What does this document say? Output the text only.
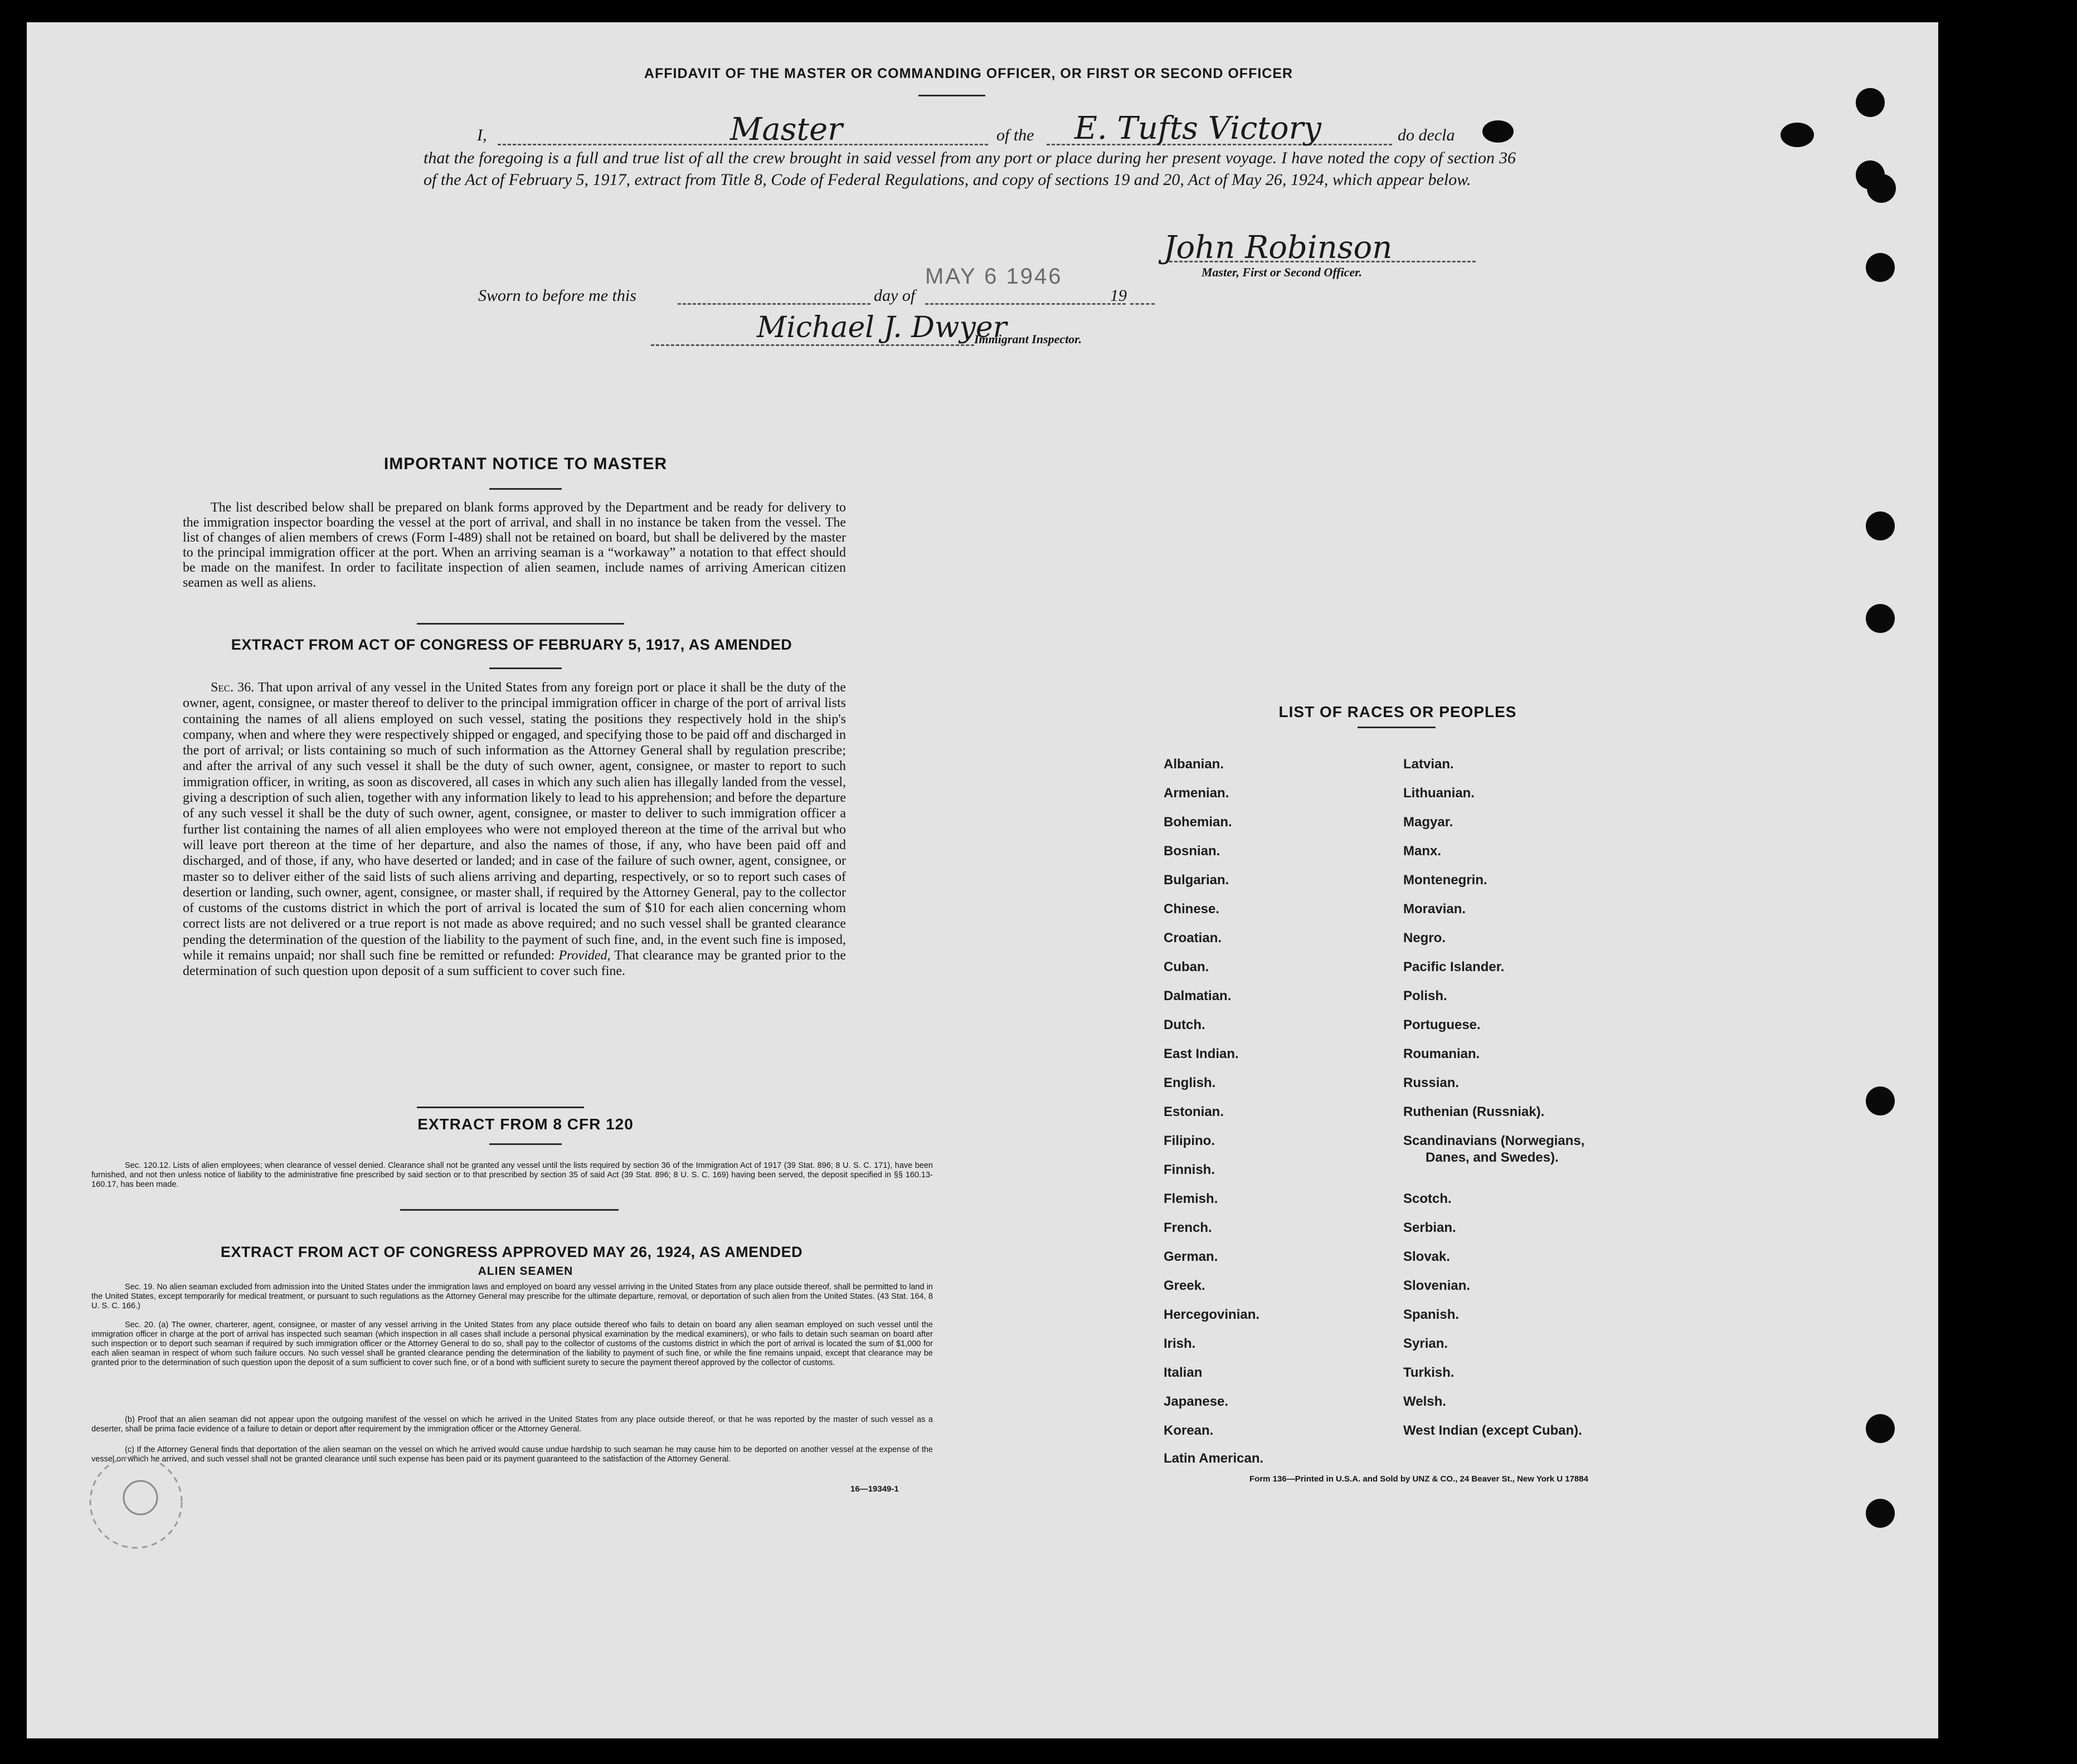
AFFIDAVIT OF THE MASTER OR COMMANDING OFFICER, OR FIRST OR SECOND OFFICER
I,	Master	of the E. Tufts Victory	do decla
that the foregoing is a full and true list of all the crew brought in said vessel from any port or place during her present voyage. I have noted the copy of section 36 of the Act of February 5, 1917, extract from Title 8, Code of Federal Regulations, and copy of sections 19 and 20, Act of May 26, 1924, which appear below.
John Robinson
Master, First or Second Officer.
Sworn to before me this	day of
MAY 6 1946
19
Michael J. Dwyer
Immigrant Inspector.
IMPORTANT NOTICE TO MASTER
The list described below shall be prepared on blank forms approved by the Department and be ready for delivery to the immigration inspector boarding the vessel at the port of arrival, and shall in no instance be taken from the vessel. The list of changes of alien members of crews (Form I-489) shall not be retained on board, but shall be delivered by the master to the principal immigration officer at the port. When an arriving seaman is a “workaway” a notation to that effect should be made on the manifest. In order to facilitate inspection of alien seamen, include names of arriving American citizen seamen as well as aliens.
EXTRACT FROM ACT OF CONGRESS OF FEBRUARY 5, 1917, AS AMENDED
Sec. 36. That upon arrival of any vessel in the United States from any foreign port or place it shall be the duty of the owner, agent, consignee, or master thereof to deliver to the principal immigration officer in charge of the port of arrival lists containing the names of all aliens employed on such vessel, stating the positions they respectively hold in the ship's company, when and where they were respectively shipped or engaged, and specifying those to be paid off and discharged in the port of arrival; or lists containing so much of such information as the Attorney General shall by regulation prescribe; and after the arrival of any such vessel it shall be the duty of such owner, agent, consignee, or master to report to such immigration officer, in writing, as soon as discovered, all cases in which any such alien has illegally landed from the vessel, giving a description of such alien, together with any information likely to lead to his apprehension; and before the departure of any such vessel it shall be the duty of such owner, agent, consignee, or master to deliver to such immigration officer a further list containing the names of all alien employees who were not employed thereon at the time of the arrival but who will leave port thereon at the time of her departure, and also the names of those, if any, who have been paid off and discharged, and of those, if any, who have deserted or landed; and in case of the failure of such owner, agent, consignee, or master so to deliver either of the said lists of such aliens arriving and departing, respectively, or so to report such cases of desertion or landing, such owner, agent, consignee, or master shall, if required by the Attorney General, pay to the collector of customs of the customs district in which the port of arrival is located the sum of $10 for each alien concerning whom correct lists are not delivered or a true report is not made as above required; and no such vessel shall be granted clearance pending the determination of the question of the liability to the payment of such fine, and, in the event such fine is imposed, while it remains unpaid; nor shall such fine be remitted or refunded: Provided, That clearance may be granted prior to the determination of such question upon deposit of a sum sufficient to cover such fine.
EXTRACT FROM 8 CFR 120
Sec. 120.12. Lists of alien employees; when clearance of vessel denied. Clearance shall not be granted any vessel until the lists required by section 36 of the Immigration Act of 1917 (39 Stat. 896; 8 U. S. C. 171), have been furnished, and not then unless notice of liability to the administrative fine prescribed by said section or to that prescribed by section 35 of said Act (39 Stat. 896; 8 U. S. C. 169) having been served, the deposit specified in §§ 160.13-160.17, has been made.
EXTRACT FROM ACT OF CONGRESS APPROVED MAY 26, 1924, AS AMENDED
ALIEN SEAMEN
Sec. 19. No alien seaman excluded from admission into the United States under the immigration laws and employed on board any vessel arriving in the United States from any place outside thereof, shall be permitted to land in the United States, except temporarily for medical treatment, or pursuant to such regulations as the Attorney General may prescribe for the ultimate departure, removal, or deportation of such alien from the United States. (43 Stat. 164, 8 U. S. C. 166.)
Sec. 20. (a) The owner, charterer, agent, consignee, or master of any vessel arriving in the United States from any place outside thereof who fails to detain on board any alien seaman employed on such vessel until the immigration officer in charge at the port of arrival has inspected such seaman (which inspection in all cases shall include a personal physical examination by the medical examiners), or who fails to detain such seaman on board after such inspection or to deport such seaman if required by such immigration officer or the Attorney General to do so, shall pay to the collector of customs of the customs district in which the port of arrival is located the sum of $1,000 for each alien seaman in respect of whom such failure occurs. No such vessel shall be granted clearance pending the determination of the liability to payment of such fine, or while the fine remains unpaid, except that clearance may be granted prior to the determination of such question upon the deposit of a sum sufficient to cover such fine, or of a bond with sufficient surety to secure the payment thereof approved by the collector of customs.
(b) Proof that an alien seaman did not appear upon the outgoing manifest of the vessel on which he arrived in the United States from any place outside thereof, or that he was reported by the master of such vessel as a deserter, shall be prima facie evidence of a failure to detain or deport after requirement by the immigration officer or the Attorney General.
(c) If the Attorney General finds that deportation of the alien seaman on the vessel on which he arrived would cause undue hardship to such seaman he may cause him to be deported on another vessel at the expense of the vessel on which he arrived, and such vessel shall not be granted clearance until such expense has been paid or its payment guaranteed to the satisfaction of the Attorney General.
16—19349-1
LIST OF RACES OR PEOPLES
Albanian.
Armenian.
Bohemian.
Bosnian.
Bulgarian.
Chinese.
Croatian.
Cuban.
Dalmatian.
Dutch.
East Indian.
English.
Estonian.
Filipino.
Finnish.
Flemish.
French.
German.
Greek.
Hercegovinian.
Irish.
Italian
Japanese.
Korean.
Latin American.
Latvian.
Lithuanian.
Magyar.
Manx.
Montenegrin.
Moravian.
Negro.
Pacific Islander.
Polish.
Portuguese.
Roumanian.
Russian.
Ruthenian (Russniak).
Scandinavians (Norwegians,
Danes, and Swedes).
Scotch.
Serbian.
Slovak.
Slovenian.
Spanish.
Syrian.
Turkish.
Welsh.
West Indian (except Cuban).
Form 136—Printed in U.S.A. and Sold by UNZ & CO., 24 Beaver St., New York U 17884
